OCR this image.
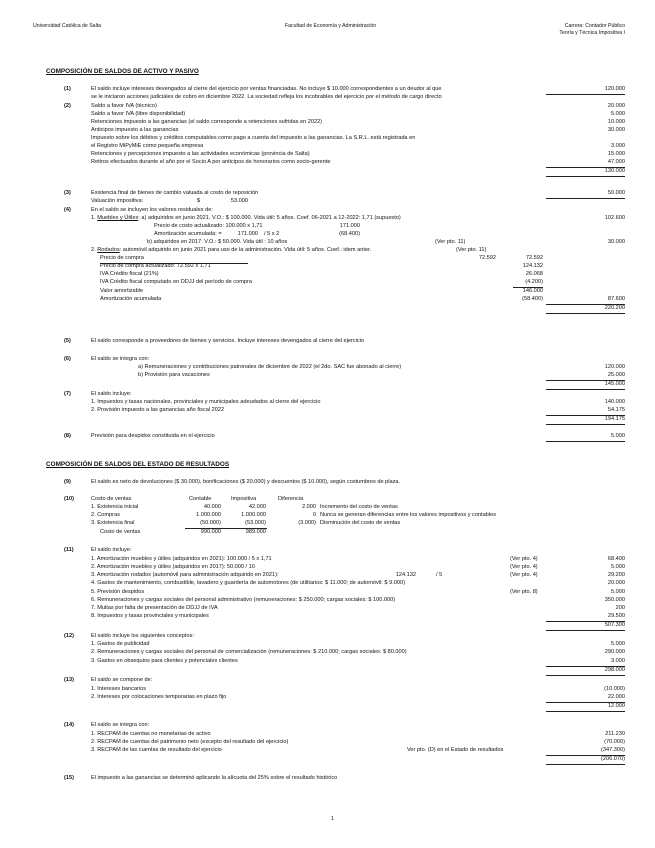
Universidad Católica de Salta	Facultad de Economía y Administración	Carrera: Contador Público
Teoría y Técnica Impositiva I
COMPOSICIÓN DE SALDOS DE ACTIVO Y PASIVO
(1)	El saldo incluye intereses devengados al cierre del ejercicio por ventas financiadas. No incluye $ 10.000 correspondientes a un deudor al que
se le iniciaron acciones judiciales de cobro en diciembre 2022. La sociedad refleja los incobrables del ejercicio por el método de cargo directo
120.000
(2)	Saldo a favor IVA (técnico)	20.000
Saldo a favor IVA (libre disponibilidad)	5.000
Retenciones impuesto a las ganancias (el saldo corresponde a retenciones sufridas en 2022)	10.000
Anticipos impuesto a las ganancias	30.000
Impuesto sobre los débitos y créditos computables como pago a cuenta del impuesto a las ganancias. La S.R.L. está registrada en
el Registro MiPyMiE como pequeña empresa	3.000
Retenciones y percepciones impuesto a las actividades económicas (provincia de Salta)	15.000
Retiros efectuados durante el año por el Socio A por anticipos de honorarios como socio-gerente	47.000
130.000
(3)	Existencia final de bienes de cambio valuada al costo de reposición	50.000
Valuación impositiva:	$	53.000
(4)	En el saldo se incluyen los valores residuales de:
1. Muebles y Útiles: a) adquiridos en junio 2021. V.O.: $ 100.000. Vida útil: 5 años. Coef. 06-2021 a 12-2022: 1,71 (supuesto)	102.600
Precio de costo actualizado: 100.000 x 1,71	171.000
Amortización acumulada: =	171.000 / 5 x 2	(68.400)
b) adquiridos en 2017. V.O.: $ 50.000. Vida útil : 10 años	(Ver pto. 11)	30.000
2. Rodados: automóvil adquirido en junio 2021 para uso de la administración. Vida útil: 5 años. Coef.: idem anter.	(Ver pto. 11)
Precio de compra	72.592	72.592
Precio de compra actualizado: 72.592 x 1,71	124.132
IVA Crédito fiscal (21%)	26.068
IVA Crédito fiscal computado en DDJJ del período de compra	(4.200)
Valor amortizable	146.000
Amortización acumulada	(58.400)	87.600
220.200
(5)	El saldo corresponde a proveedores de bienes y servicios. Incluye intereses devengados al cierre del ejercicio
(6)	El saldo se integra con:
a) Remuneraciones y contribuciones patronales de diciembre de 2022 (el 2do. SAC fue abonado al cierre)	120.000
b) Provisión para vacaciones	25.000
145.000
(7)	El saldo incluye:
1. Impuestos y tasas nacionales, provinciales y municipales adeudados al cierre del ejercicio	140.000
2. Provisión impuesto a las ganancias año fiscal 2022	54.175
194.175
(8)	Previsión para despidos constituida en el ejercicio	5.000
COMPOSICIÓN DE SALDOS DEL ESTADO DE RESULTADOS
(9)	El saldo es neto de devoluciones ($ 30.000), bonificaciones ($ 20.000) y descuentos ($ 10.000), según costumbres de plaza.
(10)	Costo de ventas	Contable	Impositiva	Diferencia
1. Existencia inicial	40.000	42.000	2.000 Incremento del costo de ventas
2. Compras	1.000.000	1.000.000	0 Nunca se generan diferencias entre los valores impositivos y contables
3. Existencia final	(50.000)	(53.000)	(3.000) Disminución del costo de ventas
Costo de ventas	990.000	989.000
(11)	El saldo incluye:
1. Amortización muebles y útiles (adquiridos en 2021): 100.000 / 5 x 1,71	(Ver pto. 4)	68.400
2. Amortización muebles y útiles (adquiridos en 2017): 50.000 / 10	(Ver pto. 4)	5.000
3. Amortización rodados (automóvil para administración adquirido en 2021):	124.132	/ 5	(Ver pto. 4)	29.200
4. Gastos de mantenimiento, combustible, lavadero y guardería de automotores (de utilitarios: $ 11.000; de automóvil: $ 9.000)	20.000
5. Previsión despidos	(Ver pto. 8)	5.000
6. Remuneraciones y cargas sociales del personal administrativo (remuneraciones: $ 250.000; cargas sociales: $ 100.000)	350.000
7. Multas por falta de presentación de DDJJ de IVA	200
8. Impuestos y tasas provinciales y municipales	29.500
507.300
(12)	El saldo incluye los siguientes conceptos:
1. Gastos de publicidad	5.000
2. Remuneraciones y cargas sociales del personal de comercialización (remuneraciones: $ 210.000; cargas sociales: $ 80.000)	290.000
3. Gastos en obsequios para clientes y potenciales clientes	3.000
298.000
(13)	El saldo se compone de:
1. Intereses bancarios	(10.000)
2. Intereses por colocaciones temporarias en plazo fijo	22.000
12.000
(14)	El saldo se integra con:
1. RECPAM de cuentas no monetarias de activo	211.230
2. RECPAM de cuentas del patrimonio neto (excepto del resultado del ejercicio)	(70.000)
3. RECPAM de las cuentas de resultado del ejercicio	Ver pto. (D) en el Estado de resultados	(347.300)
(206.070)
(15)	El impuesto a las ganancias se determinó aplicando la alícuota del 25% sobre el resultado histórico
1
